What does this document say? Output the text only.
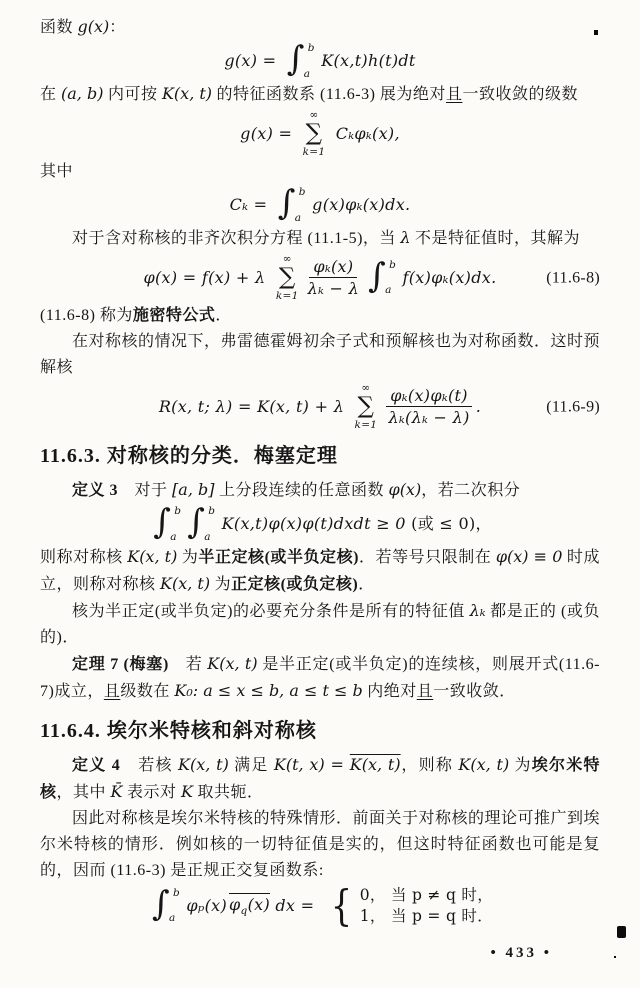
函数 g(x)：

g(x) = ∫ b
a
K(x,t)h(t)dt

在 (a, b) 内可按 K(x, t) 的特征函数系 (11.6-3) 展为绝对且一致收敛的级数

g(x) =
∞
∑
k=1
Cₖφₖ(x),

其中

Cₖ = ∫ b
a
g(x)φₖ(x)dx.

对于含对称核的非齐次积分方程 (11.1-5)，当 λ 不是特征值时，其解为

φ(x) = f(x) + λ
∞
∑
$k=1 \frac{\text{φₖ(x)}}{\text{λₖ − λ}}$ ∫ b
a
f(x)φₖ(x)dx.	(11.6-8)

(11.6-8) 称为施密特公式．

在对称核的情况下，弗雷德霍姆初余子式和预解核也为对称函数．这时预解核

R(x, t; λ) = K(x, t) + λ
∞
∑
$k=1 \frac{\text{φₖ(x)φₖ(t)}}{\text{λₖ(λₖ − λ)}}$ .	(11.6-9)
11.6.3. 对称核的分类．梅塞定理

定义 3　对于 [a, b] 上分段连续的任意函数 φ(x)，若二次积分

∫ b
a ∫ b
a
K(x,t)φ(x)φ(t)dxdt ≥ 0 (或 ≤ 0)，

则称对称核 K(x, t) 为半正定核(或半负定核)．若等号只限制在 φ(x) ≡ 0 时成立，则称对称核 K(x, t) 为正定核(或负定核)．

核为半正定(或半负定)的必要充分条件是所有的特征值 λₖ 都是正的 (或负的)．

定理 7 (梅塞)　若 K(x, t) 是半正定(或半负定)的连续核，则展开式(11.6-7)成立，且级数在 K₀: a ≤ x ≤ b, a ≤ t ≤ b 内绝对且一致收敛．

11.6.4. 埃尔米特核和斜对称核

定义 4　若核 K(x, t) 满足 K(t, x) = K(x, t)，则称 K(x, t) 为埃尔米特核，其中 K̄ 表示对 K 取共轭．

因此对称核是埃尔米特核的特殊情形．前面关于对称核的理论可推广到埃尔米特核的情形．例如核的一切特征值是实的，但这时特征函数也可能是复的，因而 (11.6-3) 是正规正交复函数系:

∫ b
a
φₚ(x) $\varphi_q(x)$ dx = { 0， 当 p ≠ q 时，
1， 当 p = q 时．
• 433 •
